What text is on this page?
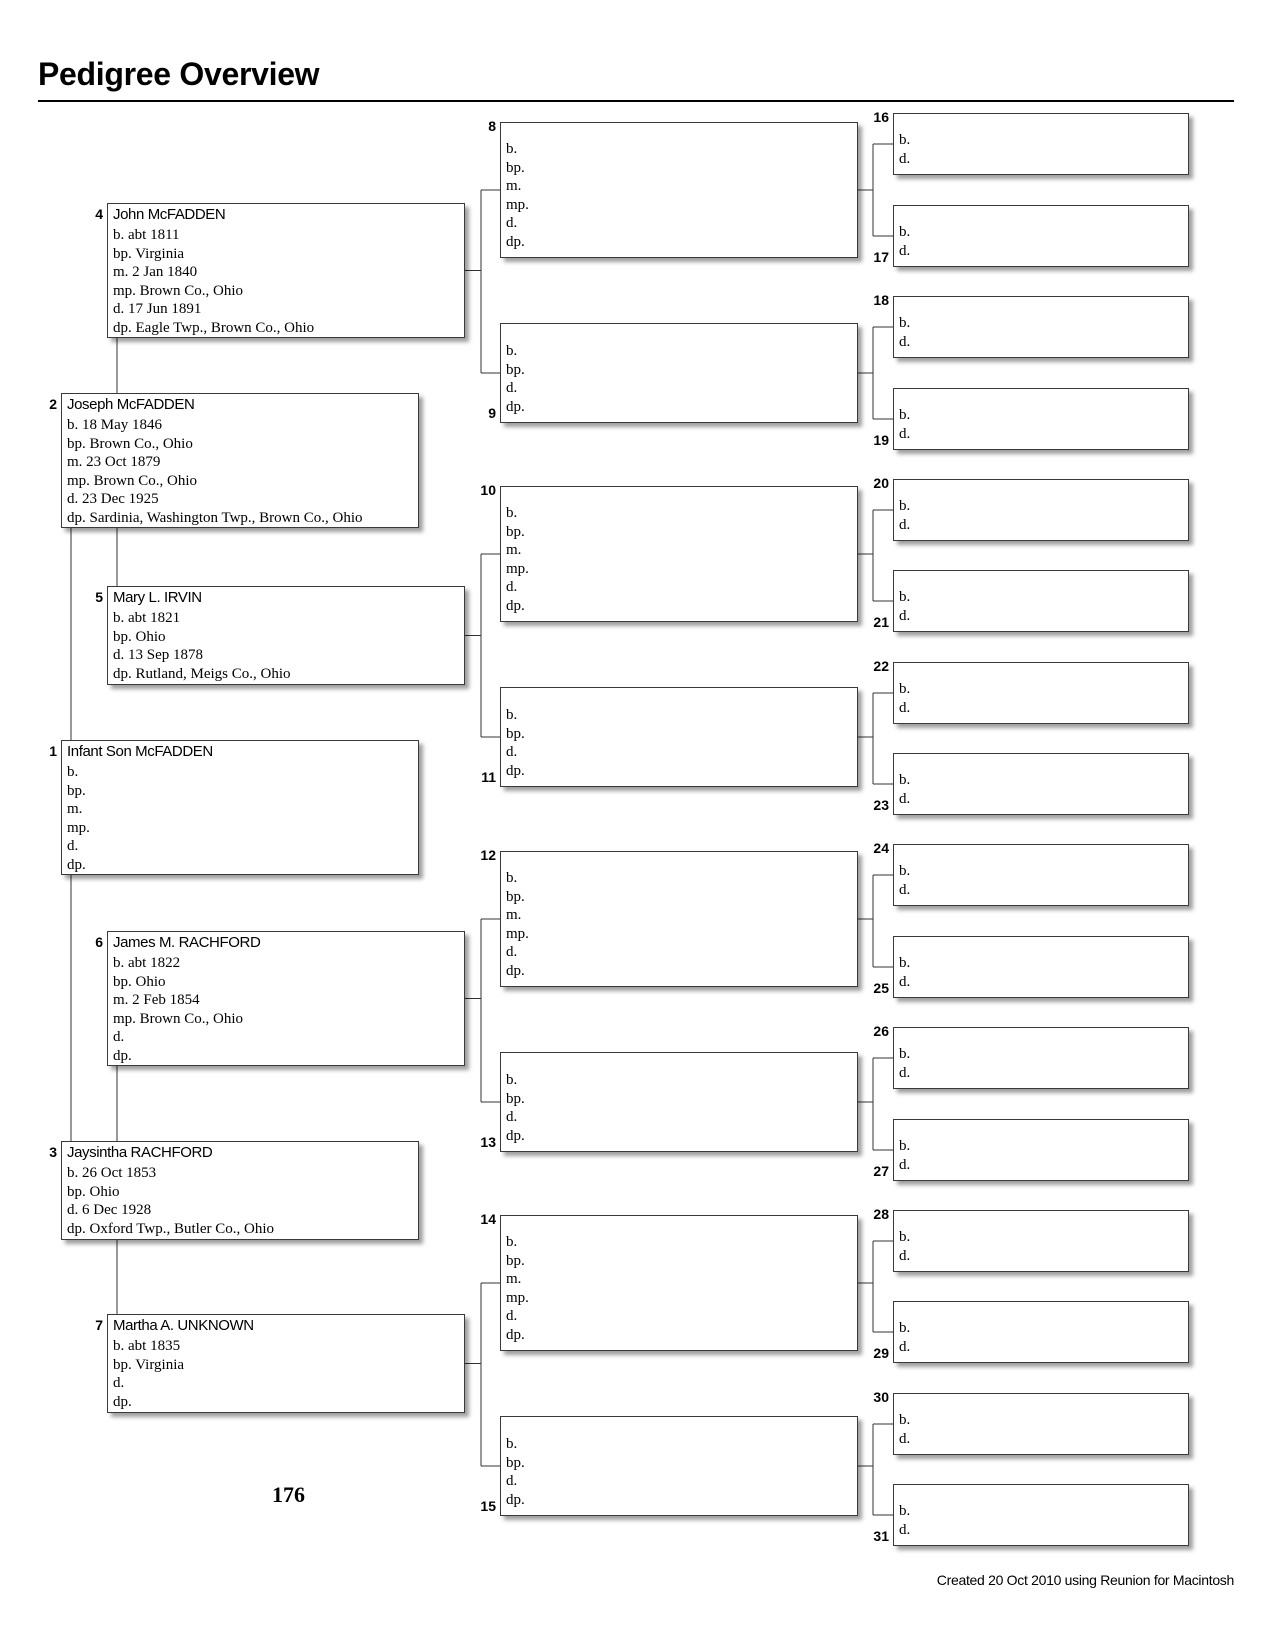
Pedigree Overview
Infant Son McFADDEN
b.
bp.
m.
mp.
d.
dp.
1
Joseph McFADDEN
b. 18 May 1846
bp. Brown Co., Ohio
m. 23 Oct 1879
mp. Brown Co., Ohio
d. 23 Dec 1925
dp. Sardinia, Washington Twp., Brown Co., Ohio
2
Jaysintha RACHFORD
b. 26 Oct 1853
bp. Ohio
d. 6 Dec 1928
dp. Oxford Twp., Butler Co., Ohio
3
John McFADDEN
b. abt 1811
bp. Virginia
m. 2 Jan 1840
mp. Brown Co., Ohio
d. 17 Jun 1891
dp. Eagle Twp., Brown Co., Ohio
4
Mary L. IRVIN
b. abt 1821
bp. Ohio
d. 13 Sep 1878
dp. Rutland, Meigs Co., Ohio
5
James M. RACHFORD
b. abt 1822
bp. Ohio
m. 2 Feb 1854
mp. Brown Co., Ohio
d.
dp.
6
Martha A. UNKNOWN
b. abt 1835
bp. Virginia
d.
dp.
7
b.
bp.
m.
mp.
d.
dp.
8
b.
bp.
d.
dp.
9
b.
bp.
m.
mp.
d.
dp.
10
b.
bp.
d.
dp.
11
b.
bp.
m.
mp.
d.
dp.
12
b.
bp.
d.
dp.
13
b.
bp.
m.
mp.
d.
dp.
14
b.
bp.
d.
dp.
15
b.
d.
16
b.
d.
17
b.
d.
18
b.
d.
19
b.
d.
20
b.
d.
21
b.
d.
22
b.
d.
23
b.
d.
24
b.
d.
25
b.
d.
26
b.
d.
27
b.
d.
28
b.
d.
29
b.
d.
30
b.
d.
31
176
Created 20 Oct 2010 using Reunion for Macintosh
